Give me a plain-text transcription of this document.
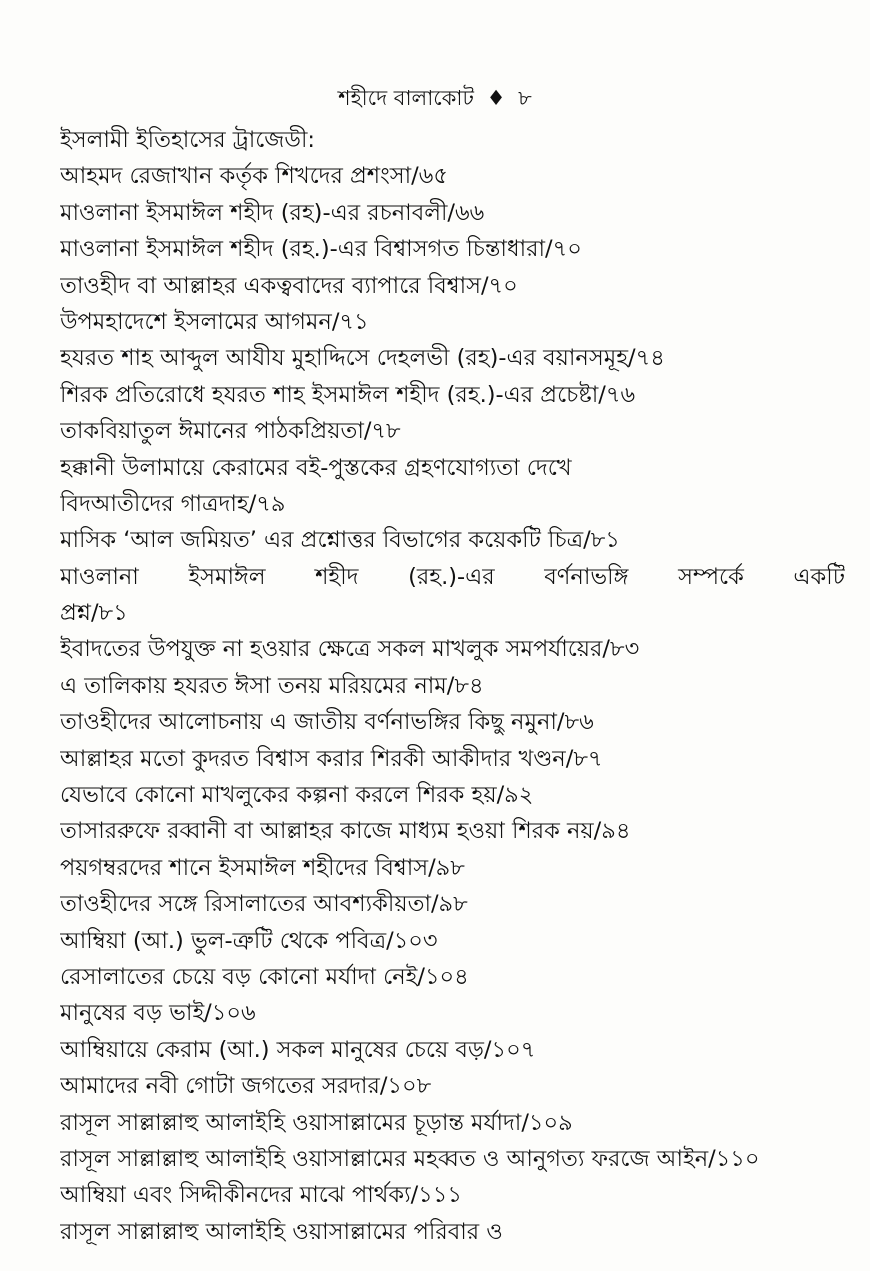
শহীদে বালাকোট ♦ ৮
ইসলামী ইতিহাসের ট্রাজেডী:
আহমদ রেজাখান কর্তৃক শিখদের প্রশংসা/৬৫
মাওলানা ইসমাঈল শহীদ (রহ)-এর রচনাবলী/৬৬
মাওলানা ইসমাঈল শহীদ (রহ.)-এর বিশ্বাসগত চিন্তাধারা/৭০
তাওহীদ বা আল্লাহর একত্ববাদের ব্যাপারে বিশ্বাস/৭০
উপমহাদেশে ইসলামের আগমন/৭১
হযরত শাহ আব্দুল আযীয মুহাদ্দিসে দেহলভী (রহ)-এর বয়ানসমূহ/৭৪
শিরক প্রতিরোধে হযরত শাহ ইসমাঈল শহীদ (রহ.)-এর প্রচেষ্টা/৭৬
তাকবিয়াতুল ঈমানের পাঠকপ্রিয়তা/৭৮
হক্কানী উলামায়ে কেরামের বই-পুস্তকের গ্রহণযোগ্যতা দেখে
বিদআতীদের গাত্রদাহ/৭৯
মাসিক ‘আল জমিয়ত’ এর প্রশ্নোত্তর বিভাগের কয়েকটি চিত্র/৮১
মাওলানা ইসমাঈল শহীদ (রহ.)-এর বর্ণনাভঙ্গি সম্পর্কে একটি
প্রশ্ন/৮১
ইবাদতের উপযুক্ত না হওয়ার ক্ষেত্রে সকল মাখলুক সমপর্যায়ের/৮৩
এ তালিকায় হযরত ঈসা তনয় মরিয়মের নাম/৮৪
তাওহীদের আলোচনায় এ জাতীয় বর্ণনাভঙ্গির কিছু নমুনা/৮৬
আল্লাহর মতো কুদরত বিশ্বাস করার শিরকী আকীদার খণ্ডন/৮৭
যেভাবে কোনো মাখলুকের কল্পনা করলে শিরক হয়/৯২
তাসাররুফে রব্বানী বা আল্লাহর কাজে মাধ্যম হওয়া শিরক নয়/৯৪
পয়গম্বরদের শানে ইসমাঈল শহীদের বিশ্বাস/৯৮
তাওহীদের সঙ্গে রিসালাতের আবশ্যকীয়তা/৯৮
আম্বিয়া (আ.) ভুল-ত্রুটি থেকে পবিত্র/১০৩
রেসালাতের চেয়ে বড় কোনো মর্যাদা নেই/১০৪
মানুষের বড় ভাই/১০৬
আম্বিয়ায়ে কেরাম (আ.) সকল মানুষের চেয়ে বড়/১০৭
আমাদের নবী গোটা জগতের সরদার/১০৮
রাসূল সাল্লাল্লাহু আলাইহি ওয়াসাল্লামের চূড়ান্ত মর্যাদা/১০৯
রাসূল সাল্লাল্লাহু আলাইহি ওয়াসাল্লামের মহব্বত ও আনুগত্য ফরজে আইন/১১০
আম্বিয়া এবং সিদ্দীকীনদের মাঝে পার্থক্য/১১১
রাসূল সাল্লাল্লাহু আলাইহি ওয়াসাল্লামের পরিবার ও
